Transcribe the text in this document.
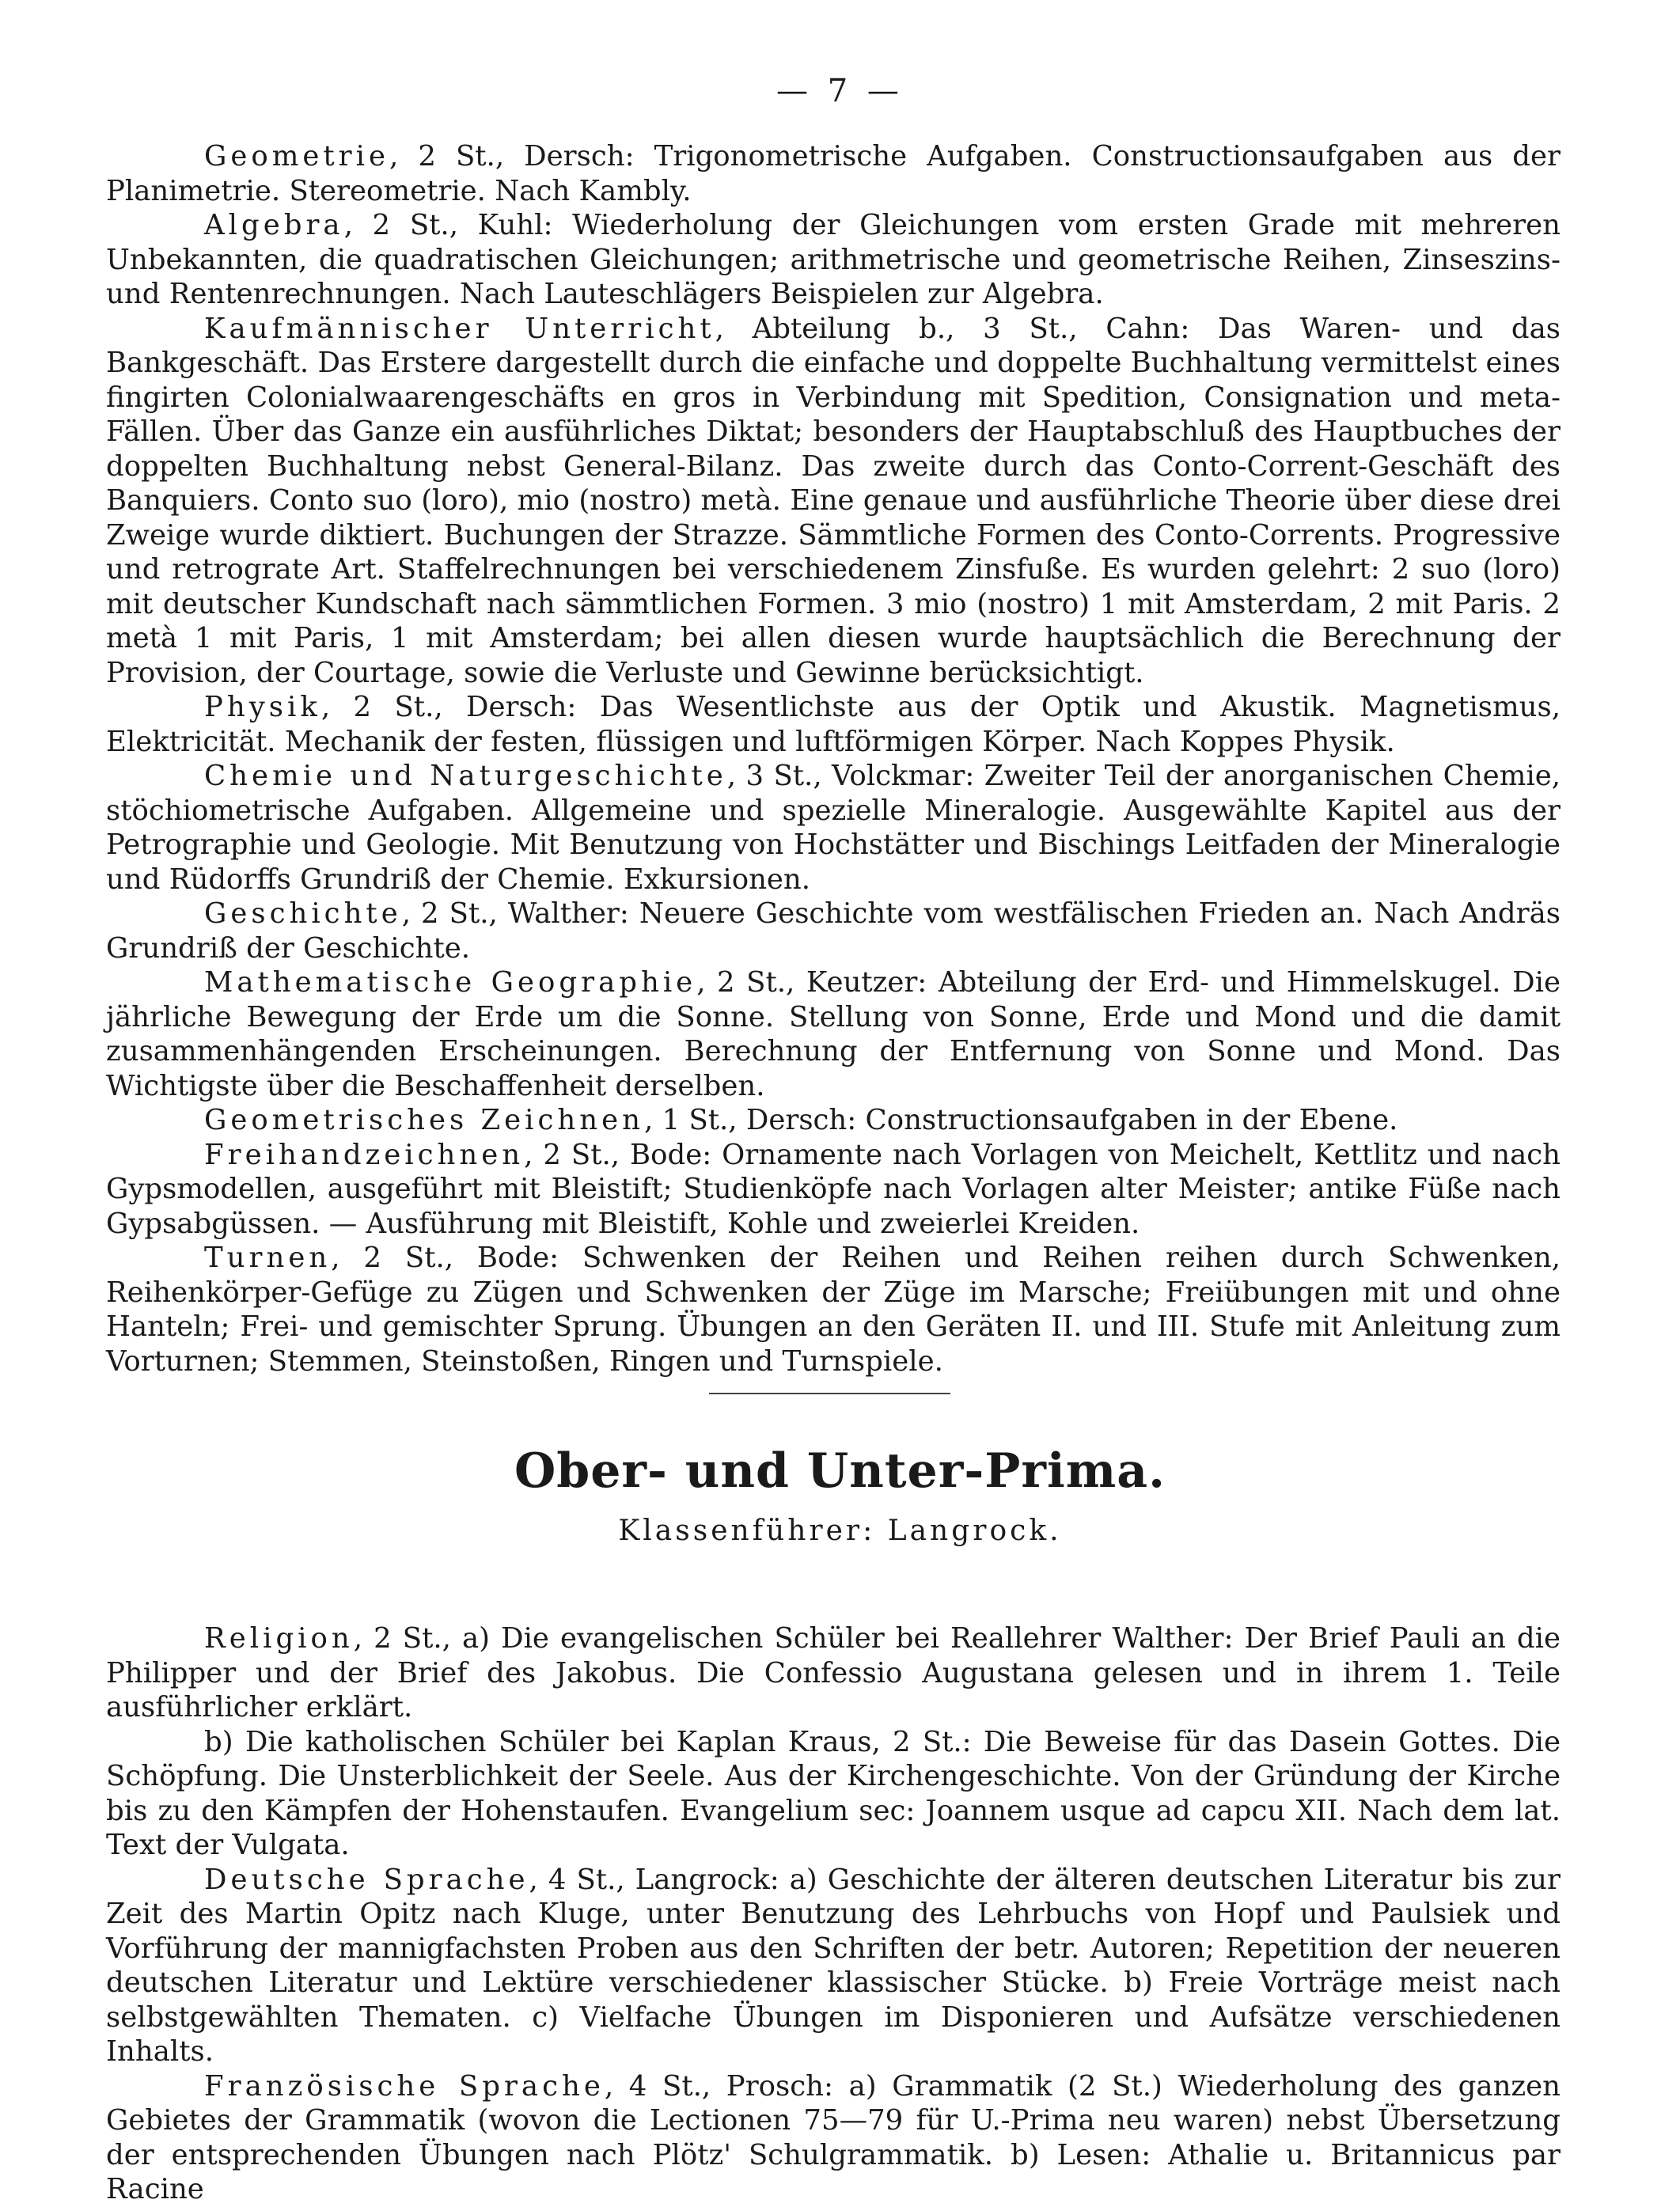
— 7 —

Geometrie, 2 St., Dersch: Trigonometrische Aufgaben. Constructionsaufgaben aus der Planimetrie. Stereometrie. Nach Kambly.

Algebra, 2 St., Kuhl: Wiederholung der Gleichungen vom ersten Grade mit mehreren Unbekannten, die quadratischen Gleichungen; arithmetrische und geometrische Reihen, Zinseszins- und Rentenrechnungen. Nach Lauteschlägers Beispielen zur Algebra.

Kaufmännischer Unterricht, Abteilung b., 3 St., Cahn: Das Waren- und das Bankgeschäft. Das Erstere dargestellt durch die einfache und doppelte Buchhaltung vermittelst eines fingirten Colonialwaarengeschäfts en gros in Verbindung mit Spedition, Consignation und meta-Fällen. Über das Ganze ein ausführliches Diktat; besonders der Hauptabschluß des Hauptbuches der doppelten Buchhaltung nebst General-Bilanz. Das zweite durch das Conto-Corrent-Geschäft des Banquiers. Conto suo (loro), mio (nostro) metà. Eine genaue und ausführliche Theorie über diese drei Zweige wurde diktiert. Buchungen der Strazze. Sämmtliche Formen des Conto-Corrents. Progressive und retrograte Art. Staffelrechnungen bei verschiedenem Zinsfuße. Es wurden gelehrt: 2 suo (loro) mit deutscher Kundschaft nach sämmtlichen Formen. 3 mio (nostro) 1 mit Amsterdam, 2 mit Paris. 2 metà 1 mit Paris, 1 mit Amsterdam; bei allen diesen wurde hauptsächlich die Berechnung der Provision, der Courtage, sowie die Verluste und Gewinne berücksichtigt.

Physik, 2 St., Dersch: Das Wesentlichste aus der Optik und Akustik. Magnetismus, Elektricität. Mechanik der festen, flüssigen und luftförmigen Körper. Nach Koppes Physik.

Chemie und Naturgeschichte, 3 St., Volckmar: Zweiter Teil der anorganischen Chemie, stöchiometrische Aufgaben. Allgemeine und spezielle Mineralogie. Ausgewählte Kapitel aus der Petrographie und Geologie. Mit Benutzung von Hochstätter und Bischings Leitfaden der Mineralogie und Rüdorffs Grundriß der Chemie. Exkursionen.

Geschichte, 2 St., Walther: Neuere Geschichte vom westfälischen Frieden an. Nach Andräs Grundriß der Geschichte.

Mathematische Geographie, 2 St., Keutzer: Abteilung der Erd- und Himmelskugel. Die jährliche Bewegung der Erde um die Sonne. Stellung von Sonne, Erde und Mond und die damit zusammenhängenden Erscheinungen. Berechnung der Entfernung von Sonne und Mond. Das Wichtigste über die Beschaffenheit derselben.

Geometrisches Zeichnen, 1 St., Dersch: Constructionsaufgaben in der Ebene.

Freihandzeichnen, 2 St., Bode: Ornamente nach Vorlagen von Meichelt, Kettlitz und nach Gypsmodellen, ausgeführt mit Bleistift; Studienköpfe nach Vorlagen alter Meister; antike Füße nach Gypsabgüssen. — Ausführung mit Bleistift, Kohle und zweierlei Kreiden.

Turnen, 2 St., Bode: Schwenken der Reihen und Reihen reihen durch Schwenken, Reihenkörper-Gefüge zu Zügen und Schwenken der Züge im Marsche; Freiübungen mit und ohne Hanteln; Frei- und gemischter Sprung. Übungen an den Geräten II. und III. Stufe mit Anleitung zum Vorturnen; Stemmen, Steinstoßen, Ringen und Turnspiele.

Ober- und Unter-Prima.
Klassenführer: Langrock.

Religion, 2 St., a) Die evangelischen Schüler bei Reallehrer Walther: Der Brief Pauli an die Philipper und der Brief des Jakobus. Die Confessio Augustana gelesen und in ihrem 1. Teile ausführlicher erklärt.

b) Die katholischen Schüler bei Kaplan Kraus, 2 St.: Die Beweise für das Dasein Gottes. Die Schöpfung. Die Unsterblichkeit der Seele. Aus der Kirchengeschichte. Von der Gründung der Kirche bis zu den Kämpfen der Hohenstaufen. Evangelium sec: Joannem usque ad capcu XII. Nach dem lat. Text der Vulgata.

Deutsche Sprache, 4 St., Langrock: a) Geschichte der älteren deutschen Literatur bis zur Zeit des Martin Opitz nach Kluge, unter Benutzung des Lehrbuchs von Hopf und Paulsiek und Vorführung der mannigfachsten Proben aus den Schriften der betr. Autoren; Repetition der neueren deutschen Literatur und Lektüre verschiedener klassischer Stücke. b) Freie Vorträge meist nach selbstgewählten Thematen. c) Vielfache Übungen im Disponieren und Aufsätze verschiedenen Inhalts.

Französische Sprache, 4 St., Prosch: a) Grammatik (2 St.) Wiederholung des ganzen Gebietes der Grammatik (wovon die Lectionen 75—79 für U.-Prima neu waren) nebst Übersetzung der entsprechenden Übungen nach Plötz' Schulgrammatik. b) Lesen: Athalie u. Britannicus par Racine
